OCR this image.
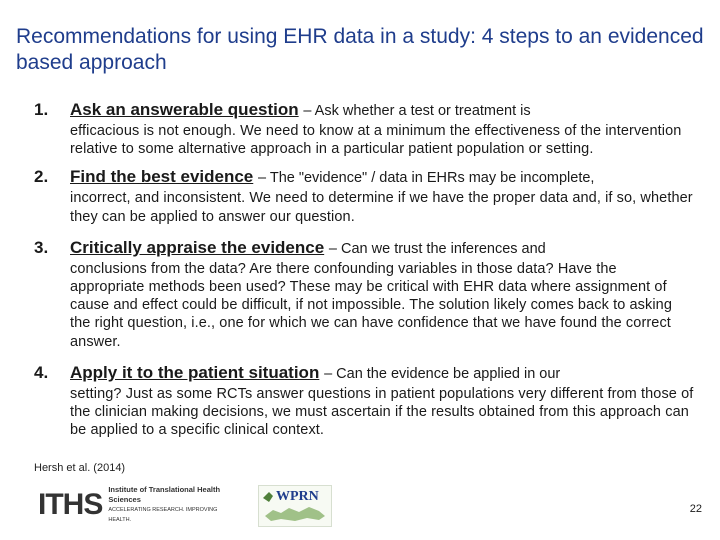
Recommendations for using EHR data in a study: 4 steps to an evidenced based approach
1. Ask an answerable question – Ask whether a test or treatment is
efficacious is not enough. We need to know at a minimum the effectiveness of the intervention relative to some alternative approach in a particular patient population or setting.
2. Find the best evidence – The "evidence" / data in EHRs may be incomplete,
incorrect, and inconsistent. We need to determine if we have the proper data and, if so, whether they can be applied to answer our question.
3. Critically appraise the evidence – Can we trust the inferences and
conclusions from the data? Are there confounding variables in those data? Have the appropriate methods been used? These may be critical with EHR data where assignment of cause and effect could be difficult, if not impossible. The solution likely comes back to asking the right question, i.e., one for which we can have confidence that we have found the correct answer.
4. Apply it to the patient situation – Can the evidence be applied in our
setting? Just as some RCTs answer questions in patient populations very different from those of the clinician making decisions, we must ascertain if the results obtained from this approach can be applied to a specific clinical context.
Hersh et al. (2014)
ITHS Institute of Translational Health Sciences
ACCELERATING RESEARCH. IMPROVING HEALTH.
WPRN
22
